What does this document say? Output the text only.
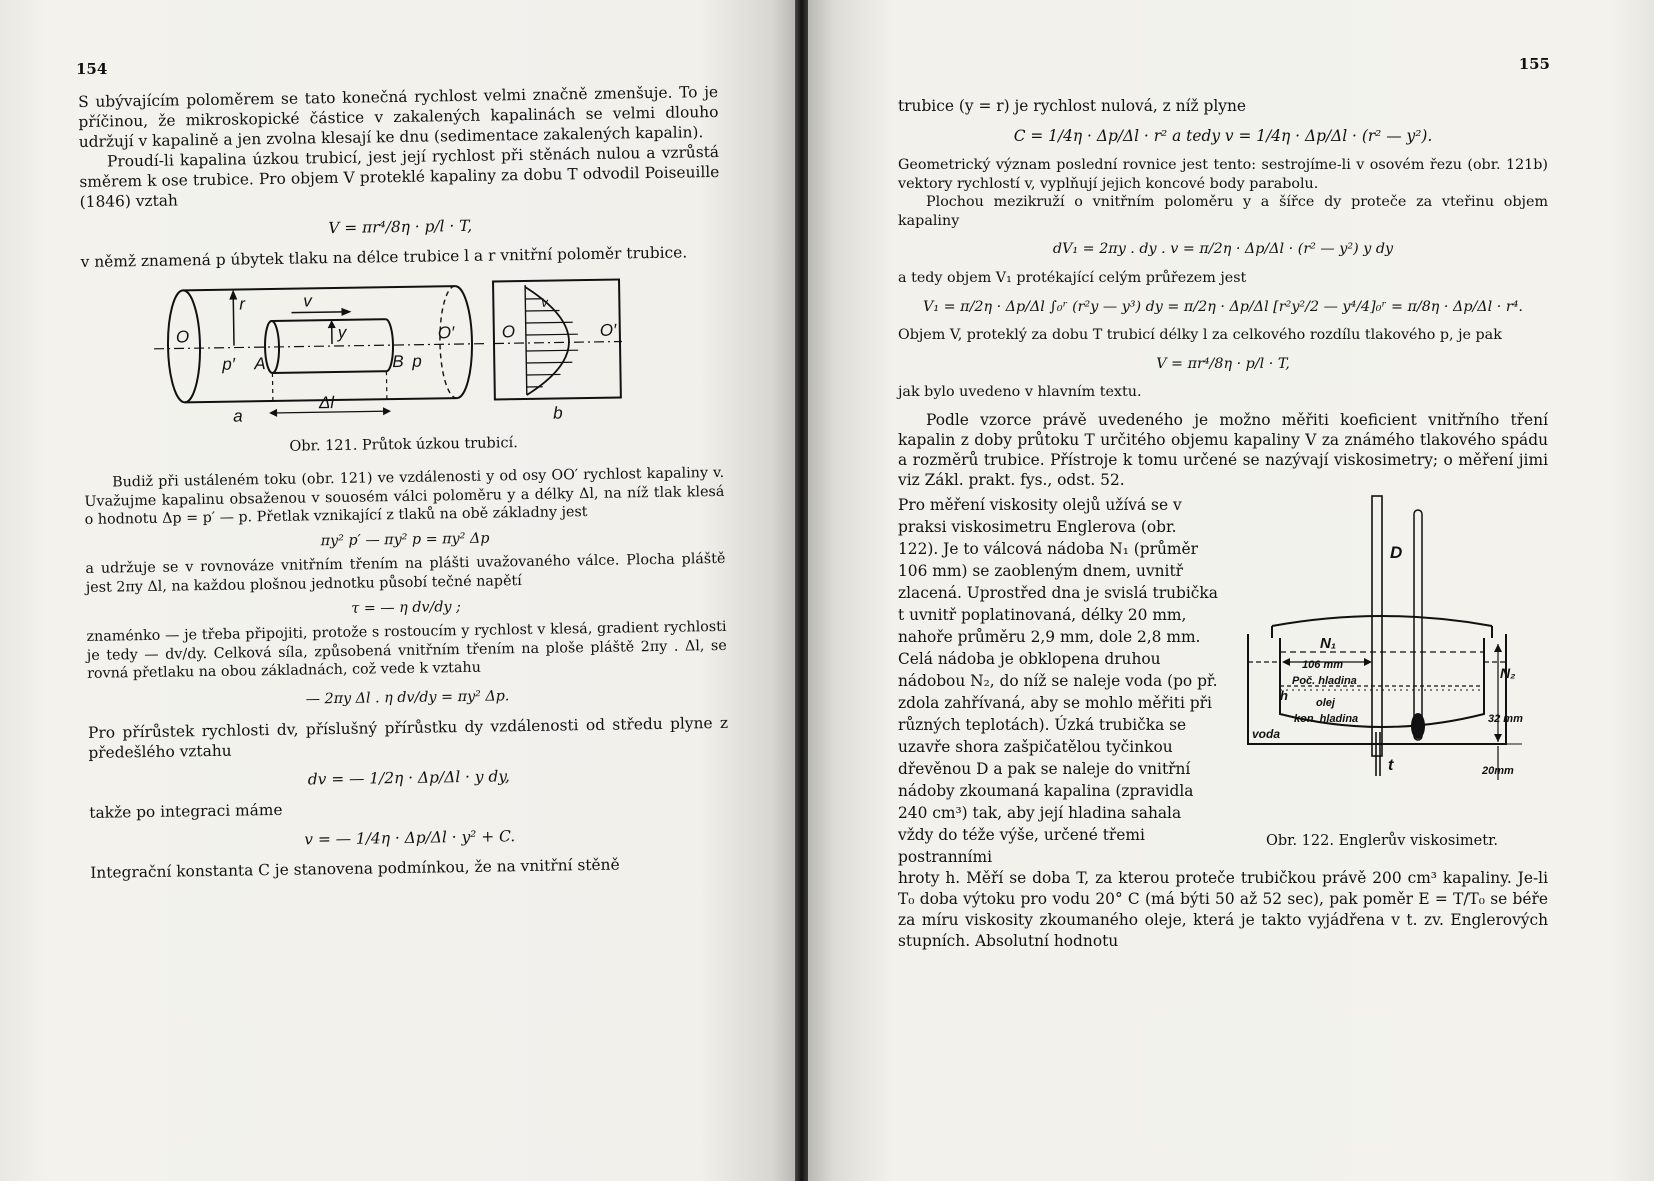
154

S ubývajícím poloměrem se tato konečná rychlost velmi značně zmenšuje. To je příčinou, že mikroskopické částice v zakalených kapalinách se velmi dlouho udržují v kapalině a jen zvolna klesají ke dnu (sedimentace zakalených kapalin).

Proudí-li kapalina úzkou trubicí, jest její rychlost při stěnách nulou a vzrůstá směrem k ose trubice. Pro objem V proteklé kapaliny za dobu T odvodil Poiseuille (1846) vztah

V = πr⁴/8η · p/l · T,

v němž znamená p úbytek tlaku na délce trubice l a r vnitřní poloměr trubice.

O	O′
r	v
y
p′ A	B p
a
Δl
b
O	O′
v
Obr. 121. Průtok úzkou trubicí.

Budiž při ustáleném toku (obr. 121) ve vzdálenosti y od osy OO′ rychlost kapaliny v. Uvažujme kapalinu obsaženou v souosém válci poloměru y a délky Δl, na níž tlak klesá o hodnotu Δp = p′ — p. Přetlak vznikající z tlaků na obě základny jest

πy² p′ — πy² p = πy² Δp

a udržuje se v rovnováze vnitřním třením na plášti uvažovaného válce. Plocha pláště jest 2πy Δl, na každou plošnou jednotku působí tečné napětí

τ = — η dv/dy ;

znaménko — je třeba připojiti, protože s rostoucím y rychlost v klesá, gradient rychlosti je tedy — dv/dy. Celková síla, způsobená vnitřním třením na ploše pláště 2πy . Δl, se rovná přetlaku na obou základnách, což vede k vztahu

— 2πy Δl . η dv/dy = πy² Δp.

Pro přírůstek rychlosti dv, příslušný přírůstku dy vzdálenosti od středu plyne z předešlého vztahu

dv = — 1/2η · Δp/Δl · y dy,

takže po integraci máme

v = — 1/4η · Δp/Δl · y² + C.

Integrační konstanta C je stanovena podmínkou, že na vnitřní stěně

155

trubice (y = r) je rychlost nulová, z níž plyne

C = 1/4η · Δp/Δl · r² a tedy v = 1/4η · Δp/Δl · (r² — y²).

Geometrický význam poslední rovnice jest tento: sestrojíme-li v osovém řezu (obr. 121b) vektory rychlostí v, vyplňují jejich koncové body parabolu.

Plochou mezikruží o vnitřním poloměru y a šířce dy proteče za vteřinu objem kapaliny

dV₁ = 2πy . dy . v = π/2η · Δp/Δl · (r² — y²) y dy

a tedy objem V₁ protékající celým průřezem jest

V₁ = π/2η · Δp/Δl ∫₀ʳ (r²y — y³) dy = π/2η · Δp/Δl [r²y²/2 — y⁴/4]₀ʳ = π/8η · Δp/Δl · r⁴.

Objem V, proteklý za dobu T trubicí délky l za celkového rozdílu tlakového p, je pak

V = πr⁴/8η · p/l · T,

jak bylo uvedeno v hlavním textu.

Podle vzorce právě uvedeného je možno měřiti koeficient vnitřního tření kapalin z doby průtoku T určitého objemu kapaliny V za známého tlakového spádu a rozměrů trubice. Přístroje k tomu určené se nazývají viskosimetry; o měření jimi viz Zákl. prakt. fys., odst. 52.

Pro měření viskosity olejů užívá se v praksi viskosimetru Englerova (obr. 122). Je to válcová nádoba N₁ (průměr 106 mm) se zaobleným dnem, uvnitř zlacená. Uprostřed dna je svislá trubička t uvnitř poplatinovaná, délky 20 mm, nahoře průměru 2,9 mm, dole 2,8 mm. Celá nádoba je obklopena druhou nádobou N₂, do níž se naleje voda (po př. zdola zahřívaná, aby se mohlo měřiti při různých teplotách). Úzká trubička se uzavře shora zašpičatělou tyčinkou dřevěnou D a pak se naleje do vnitřní nádoby zkoumaná kapalina (zpravidla 240 cm³) tak, aby její hladina sahala vždy do téže výše, určené třemi postranními
D
N₁
106 mm
Poč. hladina
h	olej
kon. hladina
voda
t
N₂
32 mm
20mm
Obr. 122. Englerův viskosimetr.

hroty h. Měří se doba T, za kterou proteče trubičkou právě 200 cm³ kapaliny. Je-li T₀ doba výtoku pro vodu 20° C (má býti 50 až 52 sec), pak poměr E = T/T₀ se béře za míru viskosity zkoumaného oleje, která je takto vyjádřena v t. zv. Englerových stupních. Absolutní hodnotu
